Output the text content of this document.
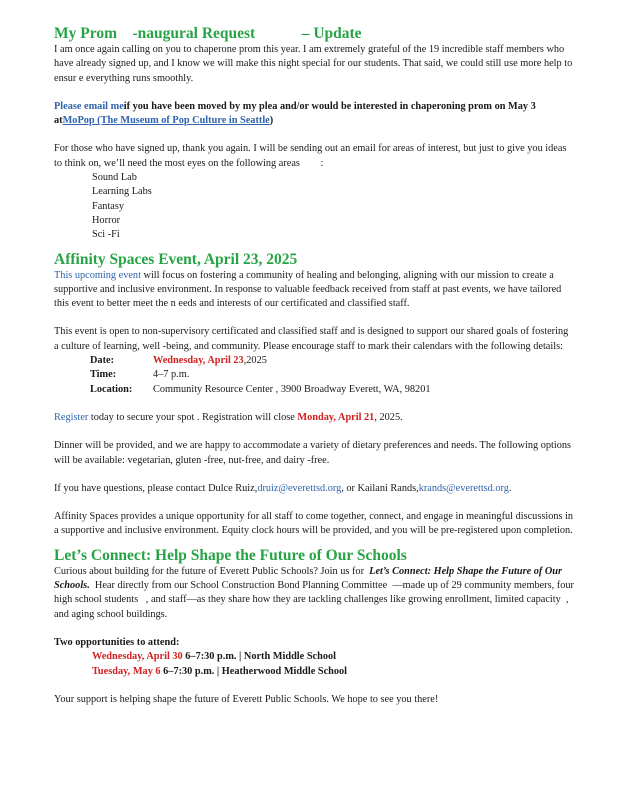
My Prom    -naugural Request            – Update

I am once again calling on you to chaperone prom this year. I am extremely grateful of the 19 incredible staff members who have already signed up, and I know we will make this night special for our students. That said, we could still use more help to ensur e everything runs smoothly.

Please email meif you have been moved by my plea and/or would be interested in chaperoning prom on May 3 atMoPop (The Museum of Pop Culture in Seattle)

For those who have signed up, thank you again. I will be sending out an email for areas of interest, but just to give you ideas to think on, we’ll need the most eyes on the following areas        :

Sound Lab
Learning Labs
Fantasy
Horror
Sci -Fi
Affinity Spaces Event, April 23, 2025

This upcoming event will focus on fostering a community of healing and belonging, aligning with our mission to create a supportive and inclusive environment. In response to valuable feedback received from staff at past events, we have tailored this event to better meet the n eeds and interests of our certificated and classified staff.

This event is open to non-supervisory certificated and classified staff and is designed to support our shared goals of fostering a culture of learning, well -being, and community. Please encourage staff to mark their calendars with the following details:

Date:	Wednesday, April 23,2025
Time:	4–7 p.m.
Location:	Community Resource Center , 3900 Broadway Everett, WA, 98201

Register today to secure your spot . Registration will close Monday, April 21, 2025.

Dinner will be provided, and we are happy to accommodate a variety of dietary preferences and needs. The following options will be available: vegetarian, gluten -free, nut-free, and dairy -free.

If you have questions, please contact Dulce Ruiz,druiz@everettsd.org, or Kailani Rands,krands@everettsd.org.

Affinity Spaces provides a unique opportunity for all staff to come together, connect, and engage in meaningful discussions in a supportive and inclusive environment. Equity clock hours will be provided, and you will be pre-registered upon completion.

Let’s Connect: Help Shape the Future of Our Schools

Curious about building for the future of Everett Public Schools? Join us for  Let’s Connect: Help Shape the Future of Our Schools.  Hear directly from our School Construction Bond Planning Committee  —made up of 29 community members, four high school students   , and staff—as they share how they are tackling challenges like growing enrollment, limited capacity  , and aging school buildings.

Two opportunities to attend:

Wednesday, April 30 6–7:30 p.m. | North Middle School
Tuesday, May 6 6–7:30 p.m. | Heatherwood Middle School

Your support is helping shape the future of Everett Public Schools. We hope to see you there!
